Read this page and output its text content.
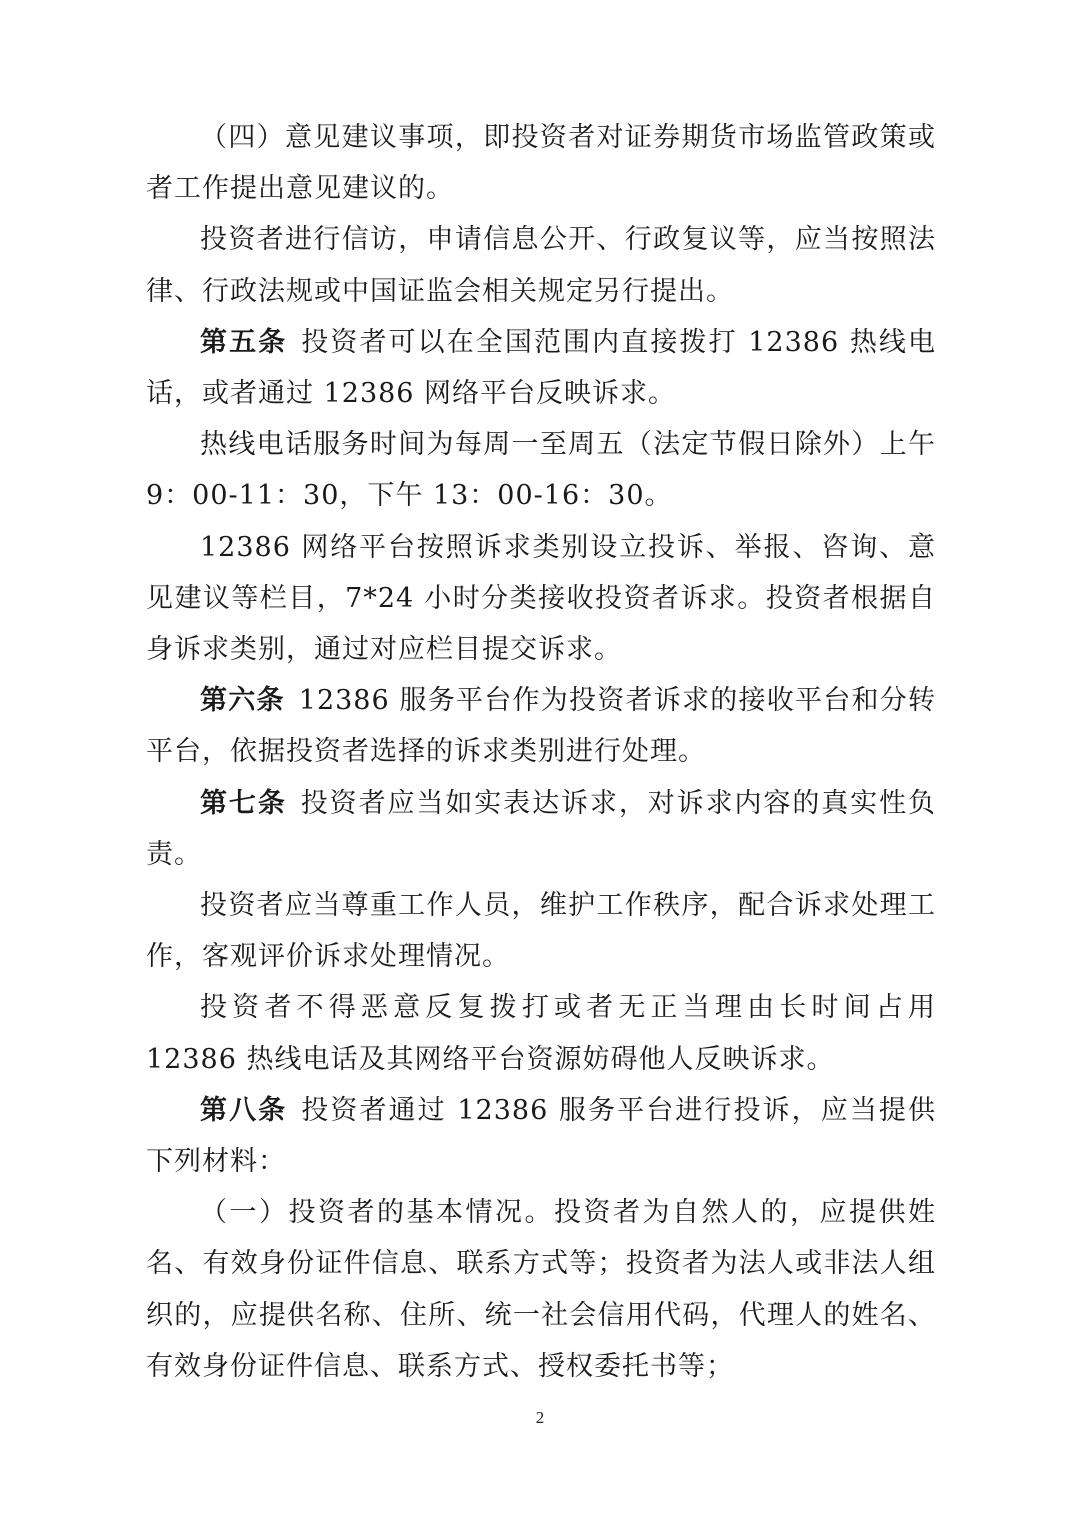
（四）意见建议事项，即投资者对证券期货市场监管政策或者工作提出意见建议的。

投资者进行信访，申请信息公开、行政复议等，应当按照法律、行政法规或中国证监会相关规定另行提出。

第五条 投资者可以在全国范围内直接拨打 12386 热线电话，或者通过 12386 网络平台反映诉求。

热线电话服务时间为每周一至周五（法定节假日除外）上午 9：00-11：30，下午 13：00-16：30。

12386 网络平台按照诉求类别设立投诉、举报、咨询、意见建议等栏目，7*24 小时分类接收投资者诉求。投资者根据自身诉求类别，通过对应栏目提交诉求。

第六条 12386 服务平台作为投资者诉求的接收平台和分转平台，依据投资者选择的诉求类别进行处理。

第七条 投资者应当如实表达诉求，对诉求内容的真实性负责。

投资者应当尊重工作人员，维护工作秩序，配合诉求处理工作，客观评价诉求处理情况。

投资者不得恶意反复拨打或者无正当理由长时间占用 12386 热线电话及其网络平台资源妨碍他人反映诉求。

第八条 投资者通过 12386 服务平台进行投诉，应当提供下列材料：

（一）投资者的基本情况。投资者为自然人的，应提供姓名、有效身份证件信息、联系方式等；投资者为法人或非法人组织的，应提供名称、住所、统一社会信用代码，代理人的姓名、有效身份证件信息、联系方式、授权委托书等；

2
